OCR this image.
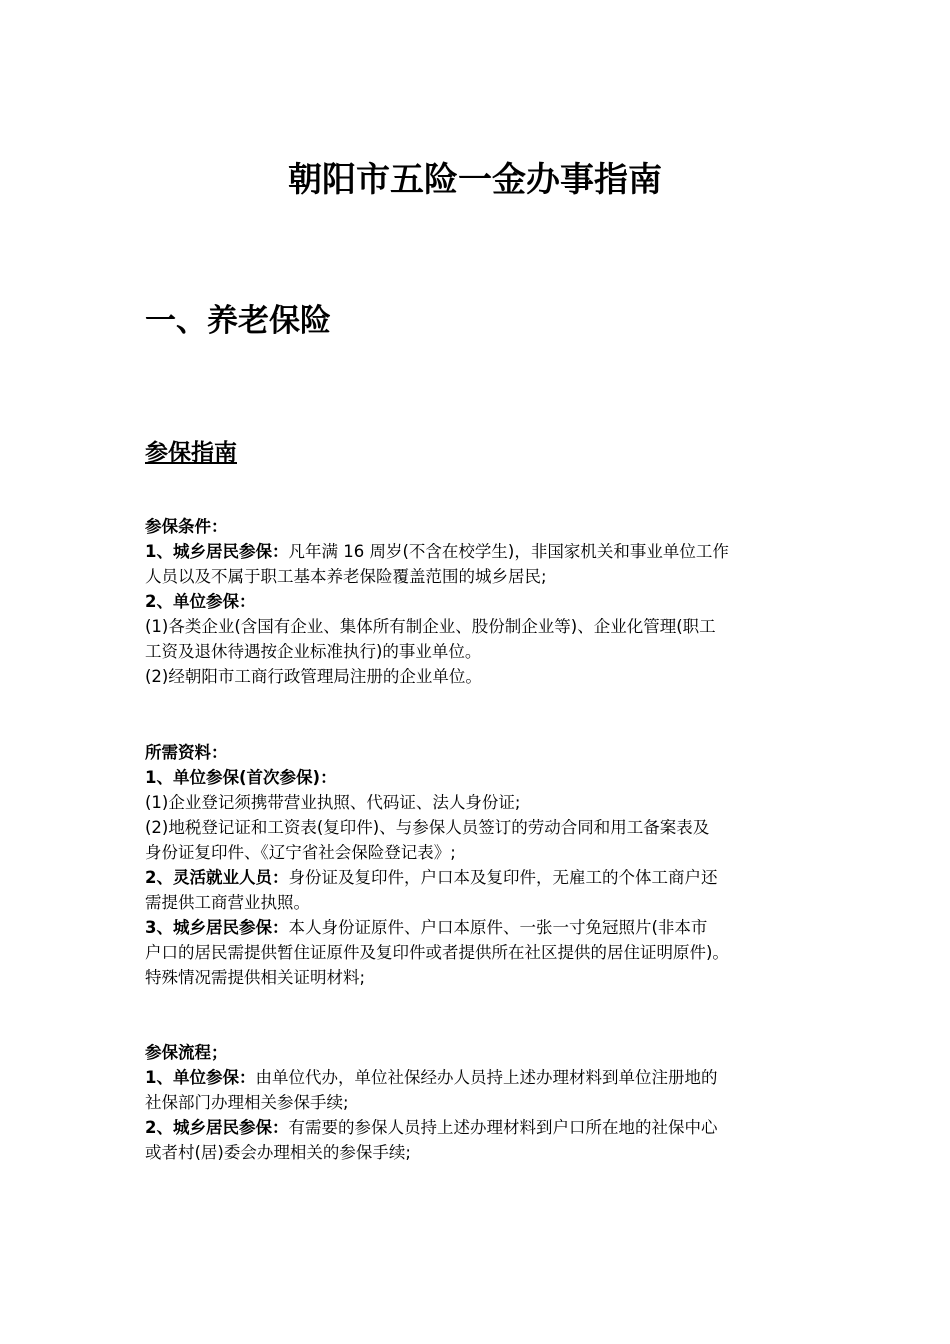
朝阳市五险一金办事指南
一、养老保险
参保指南
参保条件：
1、城乡居民参保：凡年满 16 周岁(不含在校学生)，非国家机关和事业单位工作
人员以及不属于职工基本养老保险覆盖范围的城乡居民;
2、单位参保：
(1)各类企业(含国有企业、集体所有制企业、股份制企业等)、企业化管理(职工
工资及退休待遇按企业标准执行)的事业单位。
(2)经朝阳市工商行政管理局注册的企业单位。
所需资料：
1、单位参保(首次参保)：
(1)企业登记须携带营业执照、代码证、法人身份证;
(2)地税登记证和工资表(复印件)、与参保人员签订的劳动合同和用工备案表及
身份证复印件、《辽宁省社会保险登记表》;
2、灵活就业人员：身份证及复印件，户口本及复印件，无雇工的个体工商户还
需提供工商营业执照。
3、城乡居民参保：本人身份证原件、户口本原件、一张一寸免冠照片(非本市
户口的居民需提供暂住证原件及复印件或者提供所在社区提供的居住证明原件)。
特殊情况需提供相关证明材料;
参保流程；
1、单位参保：由单位代办，单位社保经办人员持上述办理材料到单位注册地的
社保部门办理相关参保手续;
2、城乡居民参保：有需要的参保人员持上述办理材料到户口所在地的社保中心
或者村(居)委会办理相关的参保手续;
